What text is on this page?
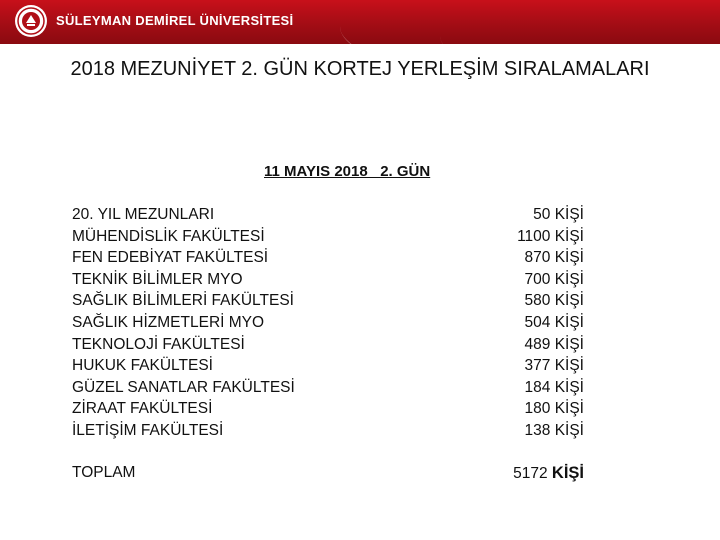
SÜLEYMAN DEMİREL ÜNİVERSİTESİ
2018 MEZUNİYET 2. GÜN KORTEJ YERLEŞİM SIRALAMALARI
11 MAYIS 2018   2. GÜN
20. YIL MEZUNLARI	50 KİŞİ
MÜHENDİSLİK FAKÜLTESİ	1100 KİŞİ
FEN EDEBİYAT FAKÜLTESİ	870 KİŞİ
TEKNİK BİLİMLER MYO	700 KİŞİ
SAĞLIK BİLİMLERİ FAKÜLTESİ	580 KİŞİ
SAĞLIK HİZMETLERİ MYO	504 KİŞİ
TEKNOLOJİ FAKÜLTESİ	489 KİŞİ
HUKUK FAKÜLTESİ	377 KİŞİ
GÜZEL SANATLAR FAKÜLTESİ	184 KİŞİ
ZİRAAT FAKÜLTESİ	180 KİŞİ
İLETİŞİM FAKÜLTESİ	138 KİŞİ
TOPLAM	5172 KİŞİ
